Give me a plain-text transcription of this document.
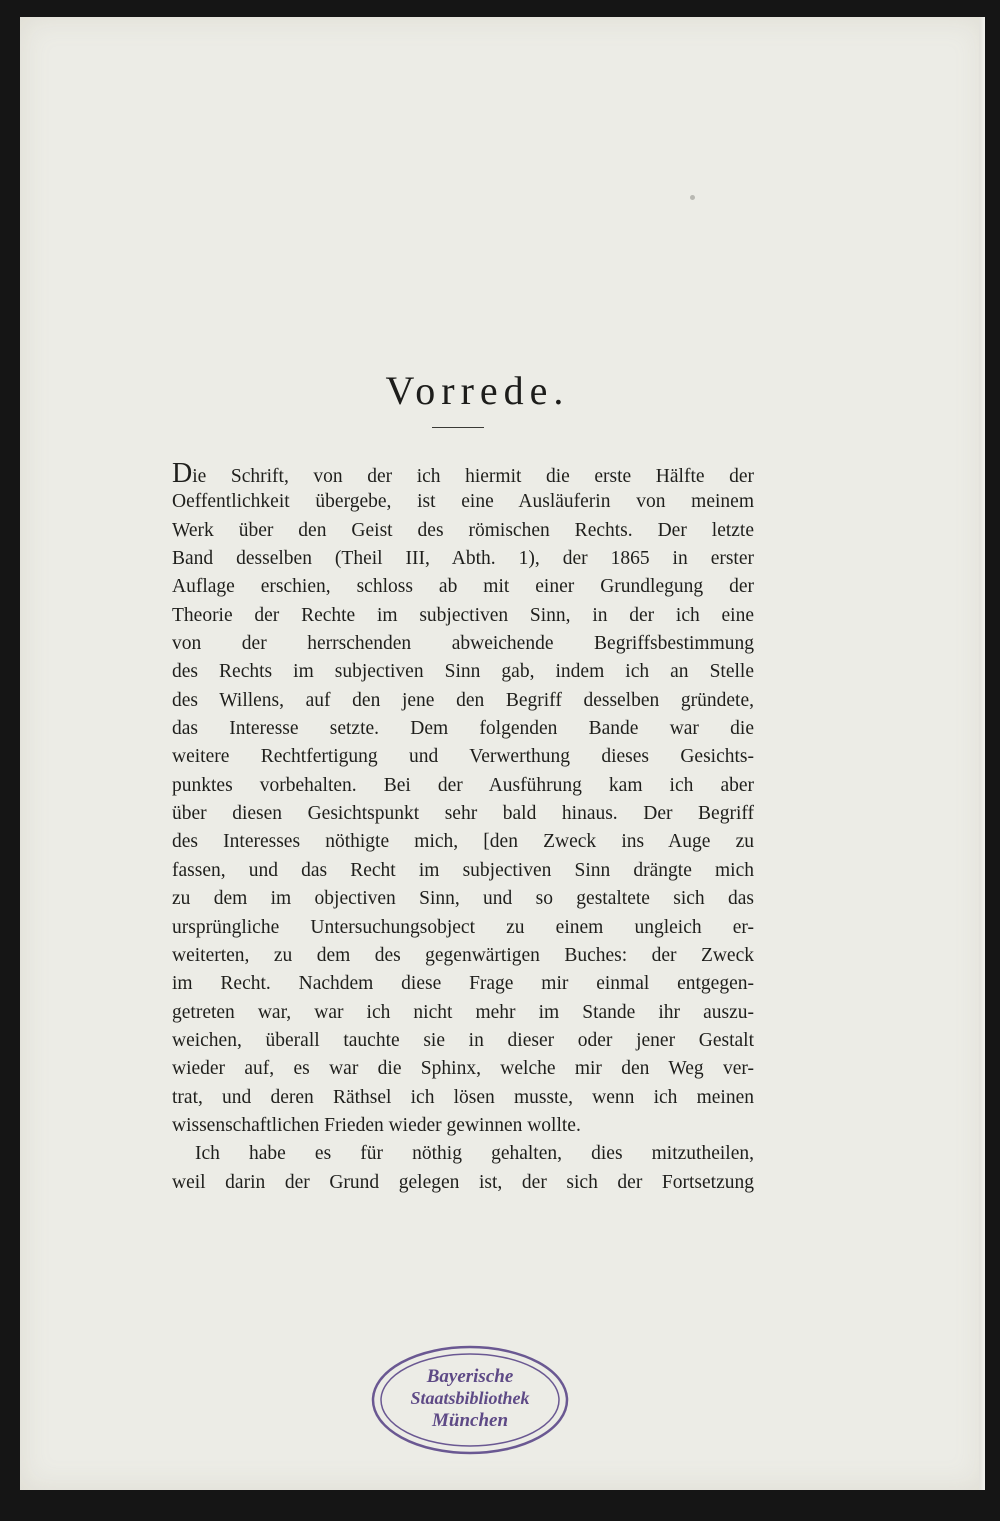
Vorrede.
Die Schrift, von der ich hiermit die erste Hälfte der
Oeffentlichkeit übergebe, ist eine Ausläuferin von meinem
Werk über den Geist des römischen Rechts. Der letzte
Band desselben (Theil III, Abth. 1), der 1865 in erster
Auflage erschien, schloss ab mit einer Grundlegung der
Theorie der Rechte im subjectiven Sinn, in der ich eine
von der herrschenden abweichende Begriffsbestimmung
des Rechts im subjectiven Sinn gab, indem ich an Stelle
des Willens, auf den jene den Begriff desselben gründete,
das Interesse setzte. Dem folgenden Bande war die
weitere Rechtfertigung und Verwerthung dieses Gesichts-
punktes vorbehalten. Bei der Ausführung kam ich aber
über diesen Gesichtspunkt sehr bald hinaus. Der Begriff
des Interesses nöthigte mich, [den Zweck ins Auge zu
fassen, und das Recht im subjectiven Sinn drängte mich
zu dem im objectiven Sinn, und so gestaltete sich das
ursprüngliche Untersuchungsobject zu einem ungleich er-
weiterten, zu dem des gegenwärtigen Buches: der Zweck
im Recht. Nachdem diese Frage mir einmal entgegen-
getreten war, war ich nicht mehr im Stande ihr auszu-
weichen, überall tauchte sie in dieser oder jener Gestalt
wieder auf, es war die Sphinx, welche mir den Weg ver-
trat, und deren Räthsel ich lösen musste, wenn ich meinen
wissenschaftlichen Frieden wieder gewinnen wollte.
Ich habe es für nöthig gehalten, dies mitzutheilen,
weil darin der Grund gelegen ist, der sich der Fortsetzung
Bayerische
Staatsbibliothek
München
